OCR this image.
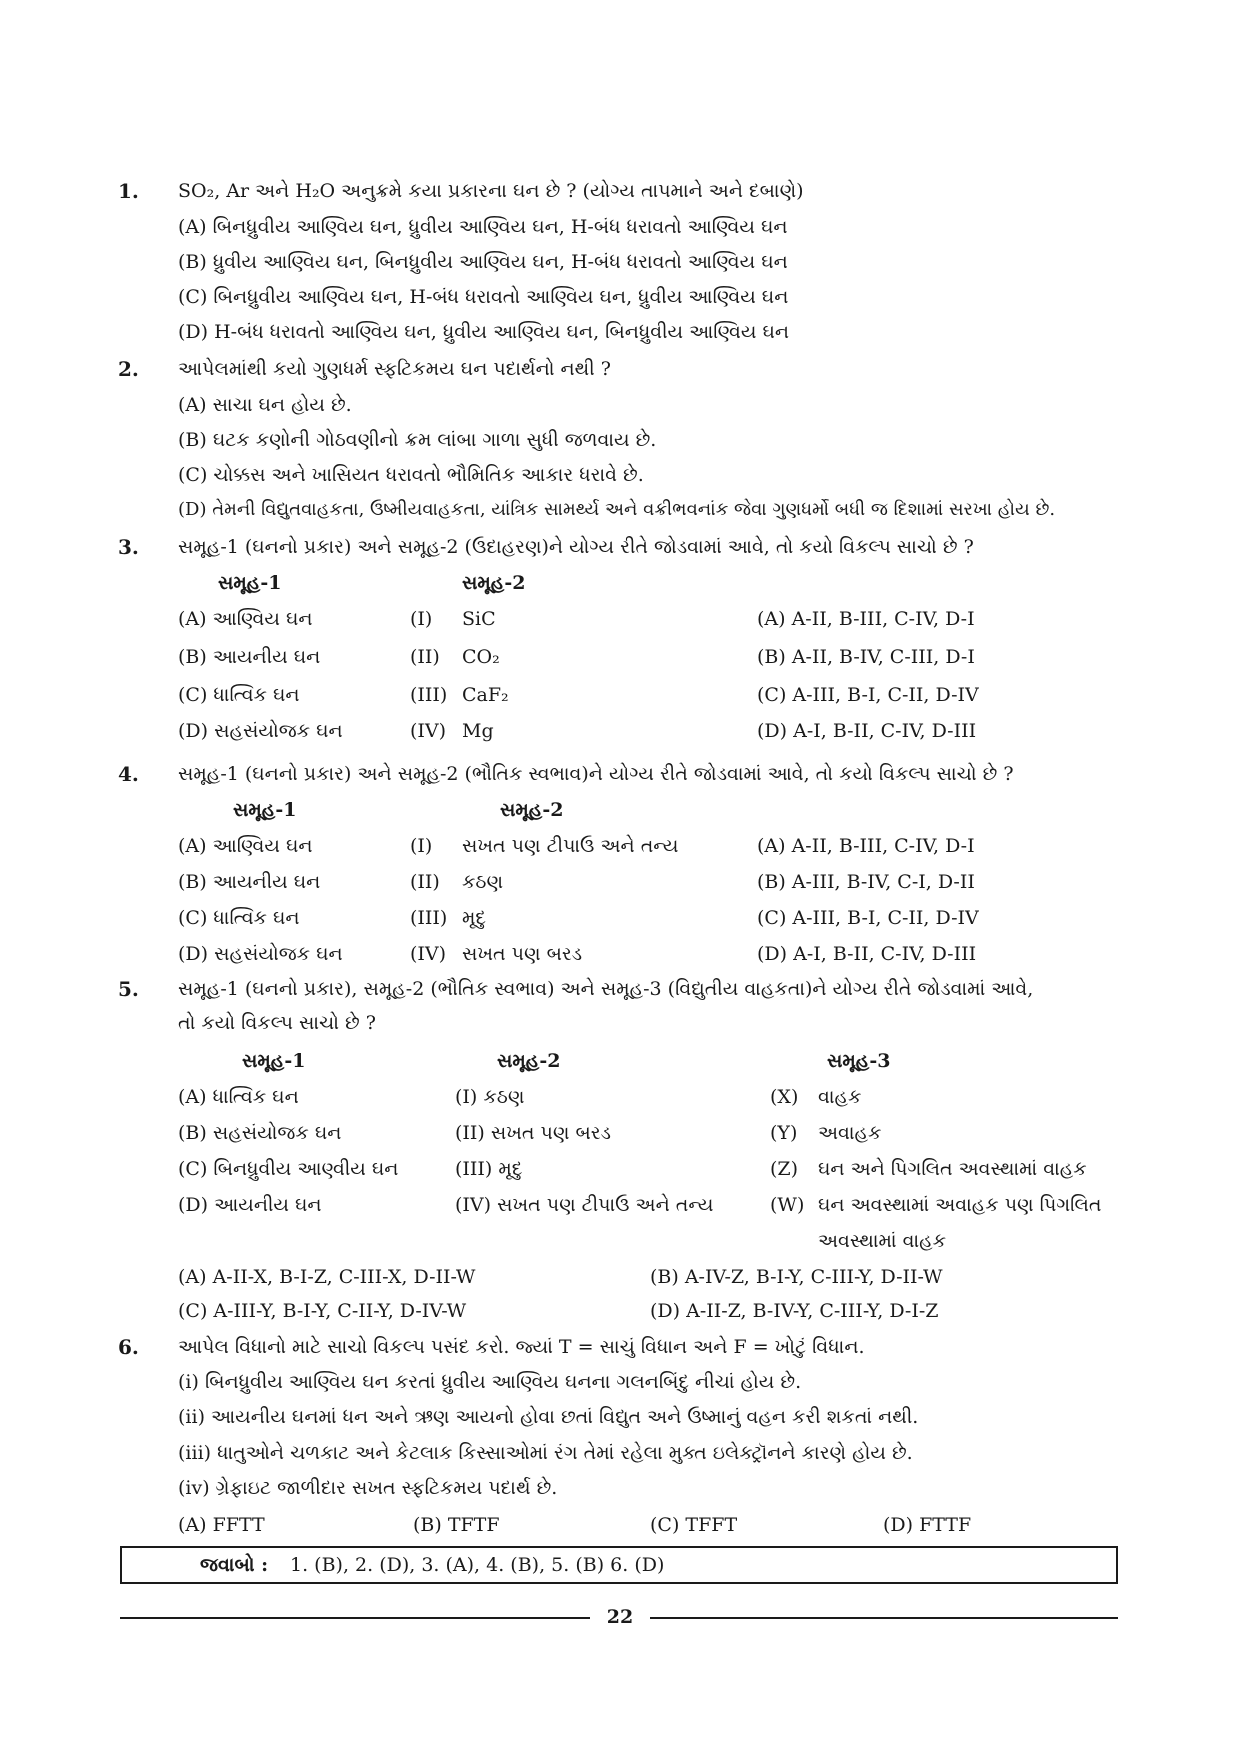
1. SO₂, Ar અને H₂O અનુક્રમે કયા પ્રકારના ઘન છે ? (યોગ્ય તાપમાને અને દબાણે)
(A) બિનધ્રુવીય આણ્વિય ઘન, ધ્રુવીય આણ્વિય ઘન, H-બંધ ધરાવતો આણ્વિય ઘન
(B) ધ્રુવીય આણ્વિય ઘન, બિનધ્રુવીય આણ્વિય ઘન, H-બંધ ધરાવતો આણ્વિય ઘન
(C) બિનધ્રુવીય આણ્વિય ઘન, H-બંધ ધરાવતો આણ્વિય ઘન, ધ્રુવીય આણ્વિય ઘન
(D) H-બંધ ધરાવતો આણ્વિય ઘન, ધ્રુવીય આણ્વિય ઘન, બિનધ્રુવીય આણ્વિય ઘન
2. આપેલમાંથી કયો ગુણધર્મ સ્ફટિકમય ઘન પદાર્થનો નથી ?
(A) સાચા ઘન હોય છે.
(B) ઘટક કણોની ગોઠવણીનો ક્રમ લાંબા ગાળા સુધી જળવાય છે.
(C) ચોક્કસ અને ખાસિયત ધરાવતો ભૌમિતિક આકાર ધરાવે છે.
(D) તેમની વિદ્યુતવાહકતા, ઉષ્મીયવાહકતા, યાંત્રિક સામર્થ્ય અને વક્રીભવનાંક જેવા ગુણધર્મો બધી જ દિશામાં સરખા હોય છે.
3. સમૂહ-1 (ઘનનો પ્રકાર) અને સમૂહ-2 (ઉદાહરણ)ને યોગ્ય રીતે જોડવામાં આવે, તો કયો વિકલ્પ સાચો છે ?
સમૂહ-1	સમૂહ-2
(A) આણ્વિય ઘન	(I) SiC	(A) A-II, B-III, C-IV, D-I
(B) આયનીય ઘન	(II) CO₂	(B) A-II, B-IV, C-III, D-I
(C) ધાત્વિક ઘન	(III) CaF₂	(C) A-III, B-I, C-II, D-IV
(D) સહસંયોજક ઘન	(IV) Mg	(D) A-I, B-II, C-IV, D-III
4. સમૂહ-1 (ઘનનો પ્રકાર) અને સમૂહ-2 (ભૌતિક સ્વભાવ)ને યોગ્ય રીતે જોડવામાં આવે, તો કયો વિકલ્પ સાચો છે ?
સમૂહ-1	સમૂહ-2
(A) આણ્વિય ઘન	(I) સખત પણ ટીપાઉ અને તન્ય	(A) A-II, B-III, C-IV, D-I
(B) આયનીય ઘન	(II) કઠણ	(B) A-III, B-IV, C-I, D-II
(C) ધાત્વિક ઘન	(III) મૃદુ	(C) A-III, B-I, C-II, D-IV
(D) સહસંયોજક ઘન	(IV) સખત પણ બરડ	(D) A-I, B-II, C-IV, D-III
5. સમૂહ-1 (ઘનનો પ્રકાર), સમૂહ-2 (ભૌતિક સ્વભાવ) અને સમૂહ-3 (વિદ્યુતીય વાહકતા)ને યોગ્ય રીતે જોડવામાં આવે,
તો કયો વિકલ્પ સાચો છે ?
સમૂહ-1	સમૂહ-2	સમૂહ-3
(A) ધાત્વિક ઘન	(I) કઠણ	(X) વાહક
(B) સહસંયોજક ઘન	(II) સખત પણ બરડ	(Y) અવાહક
(C) બિનધ્રુવીય આણ્વીય ઘન	(III) મૃદુ	(Z) ઘન અને પિગલિત અવસ્થામાં વાહક
(D) આયનીય ઘન	(IV) સખત પણ ટીપાઉ અને તન્ય	(W) ઘન અવસ્થામાં અવાહક પણ પિગલિત
અવસ્થામાં વાહક
(A) A-II-X, B-I-Z, C-III-X, D-II-W	(B) A-IV-Z, B-I-Y, C-III-Y, D-II-W
(C) A-III-Y, B-I-Y, C-II-Y, D-IV-W	(D) A-II-Z, B-IV-Y, C-III-Y, D-I-Z
6. આપેલ વિધાનો માટે સાચો વિકલ્પ પસંદ કરો. જ્યાં T = સાચું વિધાન અને F = ખોટું વિધાન.
(i) બિનધ્રુવીય આણ્વિય ઘન કરતાં ધ્રુવીય આણ્વિય ઘનના ગલનબિંદુ નીચાં હોય છે.
(ii) આયનીય ઘનમાં ધન અને ઋણ આયનો હોવા છતાં વિદ્યુત અને ઉષ્માનું વહન કરી શકતાં નથી.
(iii) ધાતુઓને ચળકાટ અને કેટલાક કિસ્સાઓમાં રંગ તેમાં રહેલા મુક્ત ઇલેક્ટ્રૉનને કારણે હોય છે.
(iv) ગ્રેફાઇટ જાળીદાર સખત સ્ફટિકમય પદાર્થ છે.
(A) FFTT	(B) TFTF	(C) TFFT	(D) FTTF
જવાબો : 1. (B), 2. (D), 3. (A), 4. (B), 5. (B) 6. (D)
22
